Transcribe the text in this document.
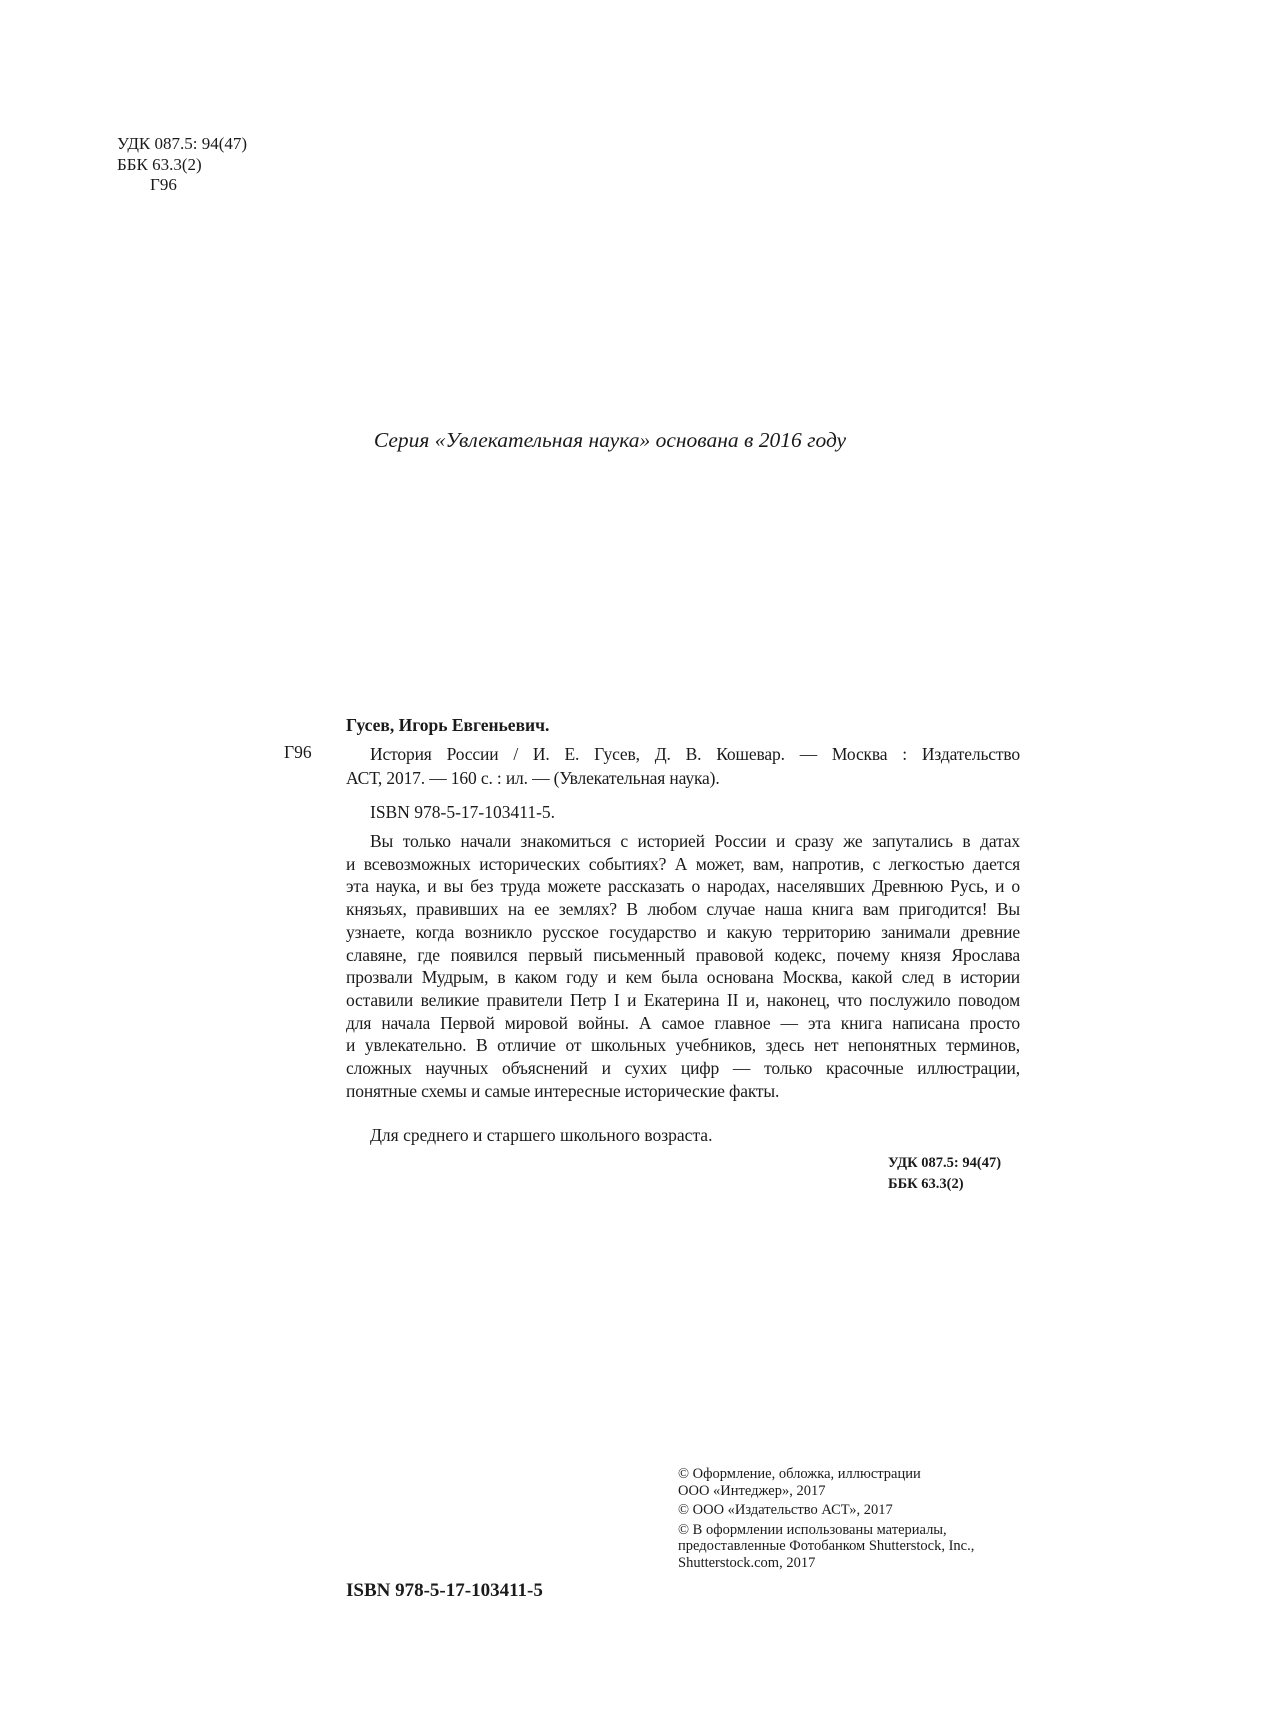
УДК 087.5: 94(47)
ББК 63.3(2)
Г96
Серия «Увлекательная наука» основана в 2016 году
Гусев, Игорь Евгеньевич.
Г96	История России / И. Е. Гусев, Д. В. Кошевар. — Москва : Издательство
АСТ, 2017. — 160 с. : ил. — (Увлекательная наука).
ISBN 978-5-17-103411-5.
Вы только начали знакомиться с историей России и сразу же запутались в датах
и всевозможных исторических событиях? А может, вам, напротив, с легкостью дается
эта наука, и вы без труда можете рассказать о народах, населявших Древнюю Русь, и о
князьях, правивших на ее землях? В любом случае наша книга вам пригодится! Вы
узнаете, когда возникло русское государство и какую территорию занимали древние
славяне, где появился первый письменный правовой кодекс, почему князя Ярослава
прозвали Мудрым, в каком году и кем была основана Москва, какой след в истории
оставили великие правители Петр I и Екатерина II и, наконец, что послужило поводом
для начала Первой мировой войны. А самое главное — эта книга написана просто
и увлекательно. В отличие от школьных учебников, здесь нет непонятных терминов,
сложных научных объяснений и сухих цифр — только красочные иллюстрации,
понятные схемы и самые интересные исторические факты.
Для среднего и старшего школьного возраста.
УДК 087.5: 94(47)
ББК 63.3(2)
© Оформление, обложка, иллюстрации
ООО «Интеджер», 2017
© ООО «Издательство АСТ», 2017
© В оформлении использованы материалы,
предоставленные Фотобанком Shutterstock, Inc.,
Shutterstock.com, 2017
ISBN 978-5-17-103411-5
